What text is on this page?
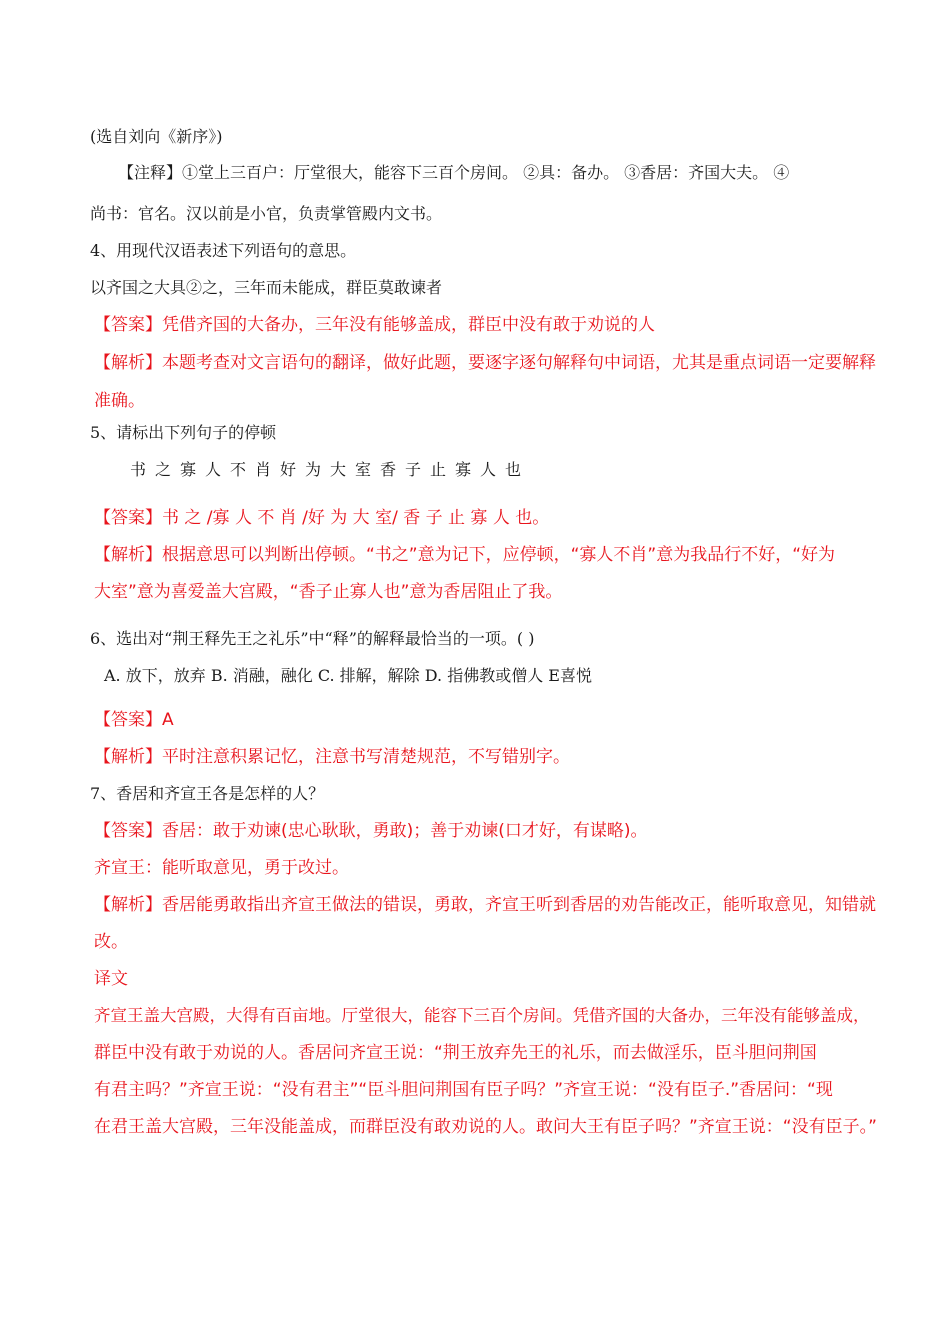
(选自刘向《新序》)
【注释】①堂上三百户：厅堂很大，能容下三百个房间。 ②具：备办。 ③香居：齐国大夫。 ④
尚书：官名。汉以前是小官，负责掌管殿内文书。
4、用现代汉语表述下列语句的意思。
以齐国之大具②之，三年而未能成，群臣莫敢谏者
【答案】凭借齐国的大备办，三年没有能够盖成，群臣中没有敢于劝说的人
【解析】本题考查对文言语句的翻译，做好此题，要逐字逐句解释句中词语，尤其是重点词语一定要解释
准确。
5、请标出下列句子的停顿
书之寡人不肖好为大室香子止寡人也
【答案】书 之 /寡 人 不 肖 /好 为 大 室/ 香 子 止 寡 人 也。
【解析】根据意思可以判断出停顿。“书之”意为记下，应停顿，“寡人不肖”意为我品行不好，“好为
大室”意为喜爱盖大宫殿，“香子止寡人也”意为香居阻止了我。
6、选出对“荆王释先王之礼乐”中“释”的解释最恰当的一项。( )
A. 放下，放弃 B. 消融，融化 C. 排解，解除 D. 指佛教或僧人 E喜悦
【答案】A
【解析】平时注意积累记忆，注意书写清楚规范，不写错别字。
7、香居和齐宣王各是怎样的人？
【答案】香居：敢于劝谏(忠心耿耿，勇敢)；善于劝谏(口才好，有谋略)。
齐宣王：能听取意见，勇于改过。
【解析】香居能勇敢指出齐宣王做法的错误，勇敢，齐宣王听到香居的劝告能改正，能听取意见，知错就
改。
译文
齐宣王盖大宫殿，大得有百亩地。厅堂很大，能容下三百个房间。凭借齐国的大备办，三年没有能够盖成，
群臣中没有敢于劝说的人。香居问齐宣王说：“荆王放弃先王的礼乐，而去做淫乐，臣斗胆问荆国
有君主吗？”齐宣王说：“没有君主”“臣斗胆问荆国有臣子吗？”齐宣王说：“没有臣子.”香居问：“现
在君王盖大宫殿，三年没能盖成，而群臣没有敢劝说的人。敢问大王有臣子吗？”齐宣王说：“没有臣子。”
